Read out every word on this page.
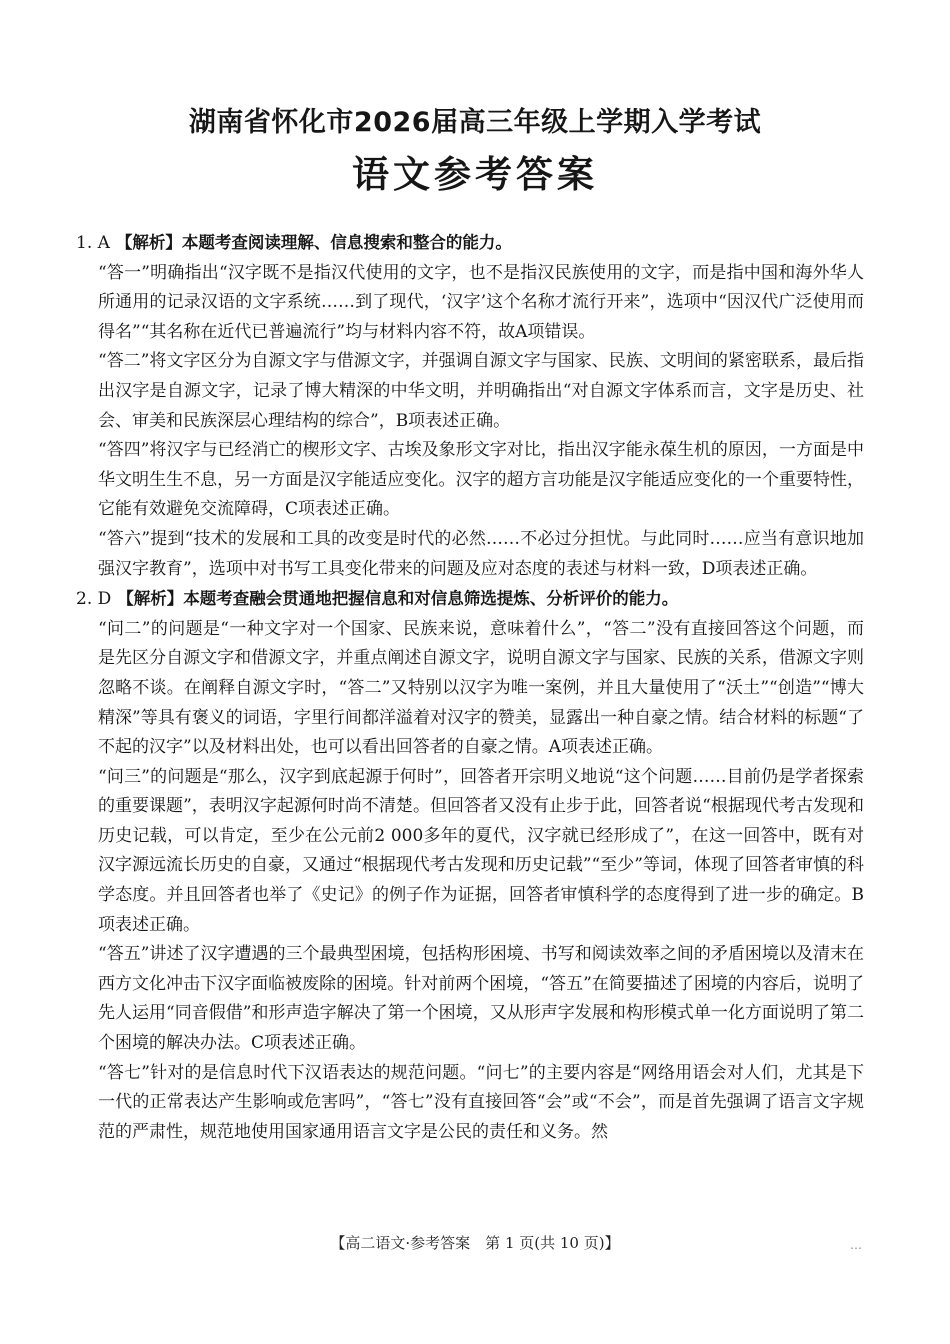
湖南省怀化市2026届高三年级上学期入学考试
语文参考答案

1. A 【解析】本题考查阅读理解、信息搜索和整合的能力。

“答一”明确指出“汉字既不是指汉代使用的文字，也不是指汉民族使用的文字，而是指中国和海外华人所通用的记录汉语的文字系统……到了现代，‘汉字’这个名称才流行开来”，选项中“因汉代广泛使用而得名”“其名称在近代已普遍流行”均与材料内容不符，故A项错误。

“答二”将文字区分为自源文字与借源文字，并强调自源文字与国家、民族、文明间的紧密联系，最后指出汉字是自源文字，记录了博大精深的中华文明，并明确指出“对自源文字体系而言，文字是历史、社会、审美和民族深层心理结构的综合”，B项表述正确。

“答四”将汉字与已经消亡的楔形文字、古埃及象形文字对比，指出汉字能永葆生机的原因，一方面是中华文明生生不息，另一方面是汉字能适应变化。汉字的超方言功能是汉字能适应变化的一个重要特性，它能有效避免交流障碍，C项表述正确。

“答六”提到“技术的发展和工具的改变是时代的必然……不必过分担忧。与此同时……应当有意识地加强汉字教育”，选项中对书写工具变化带来的问题及应对态度的表述与材料一致，D项表述正确。

2. D 【解析】本题考查融会贯通地把握信息和对信息筛选提炼、分析评价的能力。

“问二”的问题是“一种文字对一个国家、民族来说，意味着什么”，“答二”没有直接回答这个问题，而是先区分自源文字和借源文字，并重点阐述自源文字，说明自源文字与国家、民族的关系，借源文字则忽略不谈。在阐释自源文字时，“答二”又特别以汉字为唯一案例，并且大量使用了“沃土”“创造”“博大精深”等具有褒义的词语，字里行间都洋溢着对汉字的赞美，显露出一种自豪之情。结合材料的标题“了不起的汉字”以及材料出处，也可以看出回答者的自豪之情。A项表述正确。

“问三”的问题是“那么，汉字到底起源于何时”，回答者开宗明义地说“这个问题……目前仍是学者探索的重要课题”，表明汉字起源何时尚不清楚。但回答者又没有止步于此，回答者说“根据现代考古发现和历史记载，可以肯定，至少在公元前2 000多年的夏代，汉字就已经形成了”，在这一回答中，既有对汉字源远流长历史的自豪，又通过“根据现代考古发现和历史记载”“至少”等词，体现了回答者审慎的科学态度。并且回答者也举了《史记》的例子作为证据，回答者审慎科学的态度得到了进一步的确定。B项表述正确。

“答五”讲述了汉字遭遇的三个最典型困境，包括构形困境、书写和阅读效率之间的矛盾困境以及清末在西方文化冲击下汉字面临被废除的困境。针对前两个困境，“答五”在简要描述了困境的内容后，说明了先人运用“同音假借”和形声造字解决了第一个困境，又从形声字发展和构形模式单一化方面说明了第二个困境的解决办法。C项表述正确。

“答七”针对的是信息时代下汉语表达的规范问题。“问七”的主要内容是“网络用语会对人们，尤其是下一代的正常表达产生影响或危害吗”，“答七”没有直接回答“会”或“不会”，而是首先强调了语言文字规范的严肃性，规范地使用国家通用语言文字是公民的责任和义务。然

【高二语文·参考答案　第 1 页(共 10 页)】	…
